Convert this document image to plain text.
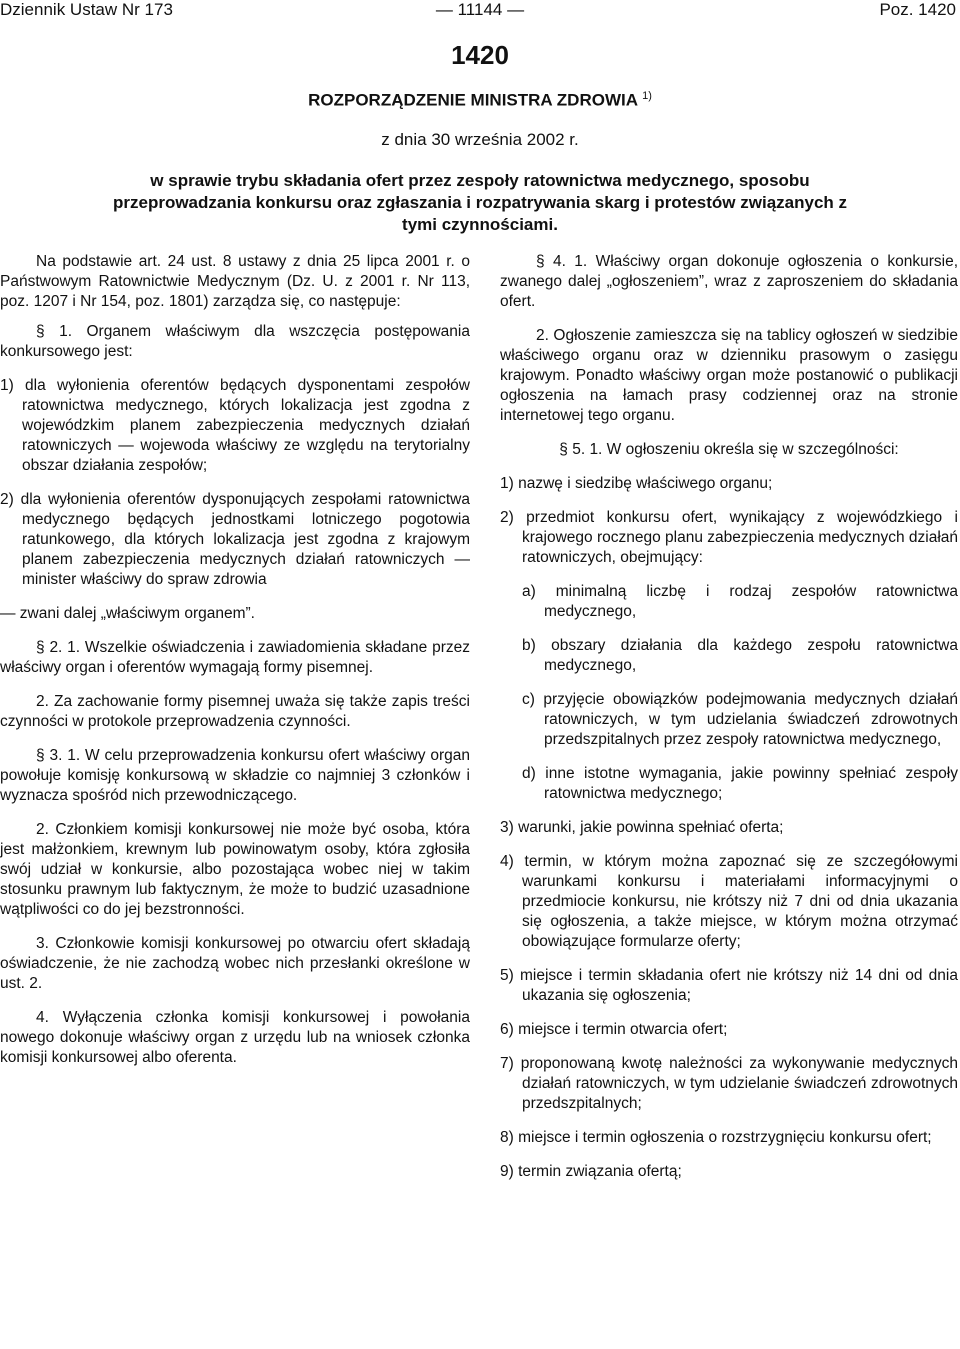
Dziennik Ustaw Nr 173	— 11144 —	Poz. 1420
1420
ROZPORZĄDZENIE MINISTRA ZDROWIA $^{1)}$
z dnia 30 września 2002 r.
w sprawie trybu składania ofert przez zespoły ratownictwa medycznego, sposobu przeprowadzania konkursu oraz zgłaszania i rozpatrywania skarg i protestów związanych z tymi czynnościami.

Na podstawie art. 24 ust. 8 ustawy z dnia 25 lipca 2001 r. o Państwowym Ratownictwie Medycznym (Dz. U. z 2001 r. Nr 113, poz. 1207 i Nr 154, poz. 1801) zarządza się, co następuje:

§ 1. Organem właściwym dla wszczęcia postępowania konkursowego jest:

1) dla wyłonienia oferentów będących dysponentami zespołów ratownictwa medycznego, których lokalizacja jest zgodna z wojewódzkim planem zabezpieczenia medycznych działań ratowniczych — wojewoda właściwy ze względu na terytorialny obszar działania zespołów;

2) dla wyłonienia oferentów dysponujących zespołami ratownictwa medycznego będących jednostkami lotniczego pogotowia ratunkowego, dla których lokalizacja jest zgodna z krajowym planem zabezpieczenia medycznych działań ratowniczych — minister właściwy do spraw zdrowia

— zwani dalej „właściwym organem”.

§ 2. 1. Wszelkie oświadczenia i zawiadomienia składane przez właściwy organ i oferentów wymagają formy pisemnej.

2. Za zachowanie formy pisemnej uważa się także zapis treści czynności w protokole przeprowadzenia czynności.

§ 3. 1. W celu przeprowadzenia konkursu ofert właściwy organ powołuje komisję konkursową w składzie co najmniej 3 członków i wyznacza spośród nich przewodniczącego.

2. Członkiem komisji konkursowej nie może być osoba, która jest małżonkiem, krewnym lub powinowatym osoby, która zgłosiła swój udział w konkursie, albo pozostająca wobec niej w takim stosunku prawnym lub faktycznym, że może to budzić uzasadnione wątpliwości co do jej bezstronności.

3. Członkowie komisji konkursowej po otwarciu ofert składają oświadczenie, że nie zachodzą wobec nich przesłanki określone w ust. 2.

4. Wyłączenia członka komisji konkursowej i powołania nowego dokonuje właściwy organ z urzędu lub na wniosek członka komisji konkursowej albo oferenta.

§ 4. 1. Właściwy organ dokonuje ogłoszenia o konkursie, zwanego dalej „ogłoszeniem”, wraz z zaproszeniem do składania ofert.

2. Ogłoszenie zamieszcza się na tablicy ogłoszeń w siedzibie właściwego organu oraz w dzienniku prasowym o zasięgu krajowym. Ponadto właściwy organ może postanowić o publikacji ogłoszenia na łamach prasy codziennej oraz na stronie internetowej tego organu.

§ 5. 1. W ogłoszeniu określa się w szczególności:

1) nazwę i siedzibę właściwego organu;

2) przedmiot konkursu ofert, wynikający z wojewódzkiego i krajowego rocznego planu zabezpieczenia medycznych działań ratowniczych, obejmujący:

a) minimalną liczbę i rodzaj zespołów ratownictwa medycznego,

b) obszary działania dla każdego zespołu ratownictwa medycznego,

c) przyjęcie obowiązków podejmowania medycznych działań ratowniczych, w tym udzielania świadczeń zdrowotnych przedszpitalnych przez zespoły ratownictwa medycznego,

d) inne istotne wymagania, jakie powinny spełniać zespoły ratownictwa medycznego;

3) warunki, jakie powinna spełniać oferta;

4) termin, w którym można zapoznać się ze szczegółowymi warunkami konkursu i materiałami informacyjnymi o przedmiocie konkursu, nie krótszy niż 7 dni od dnia ukazania się ogłoszenia, a także miejsce, w którym można otrzymać obowiązujące formularze oferty;

5) miejsce i termin składania ofert nie krótszy niż 14 dni od dnia ukazania się ogłoszenia;

6) miejsce i termin otwarcia ofert;

7) proponowaną kwotę należności za wykonywanie medycznych działań ratowniczych, w tym udzielanie świadczeń zdrowotnych przedszpitalnych;

8) miejsce i termin ogłoszenia o rozstrzygnięciu konkursu ofert;

9) termin związania ofertą;
